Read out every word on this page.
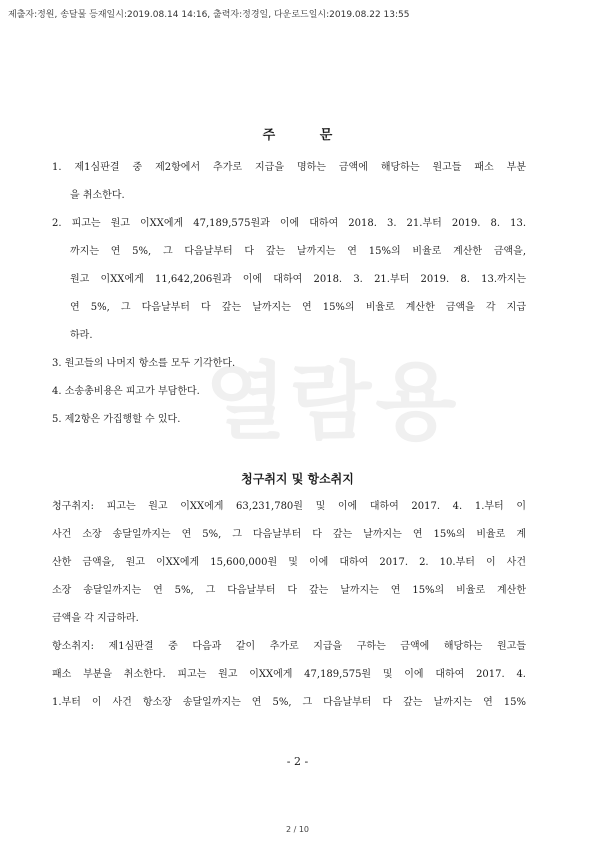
제출자:정원, 송달물 등재일시:2019.08.14 14:16, 출력자:정경일, 다운로드일시:2019.08.22 13:55
열람용
주 문
1. 제1심판결 중 제2항에서 추가로 지급을 명하는 금액에 해당하는 원고들 패소 부분
을 취소한다.
2. 피고는 원고 이XX에게 47,189,575원과 이에 대하여 2018. 3. 21.부터 2019. 8. 13.
까지는 연 5%, 그 다음날부터 다 갚는 날까지는 연 15%의 비율로 계산한 금액을,
원고 이XX에게 11,642,206원과 이에 대하여 2018. 3. 21.부터 2019. 8. 13.까지는
연 5%, 그 다음날부터 다 갚는 날까지는 연 15%의 비율로 계산한 금액을 각 지급
하라.
3. 원고들의 나머지 항소를 모두 기각한다.
4. 소송총비용은 피고가 부담한다.
5. 제2항은 가집행할 수 있다.
청구취지 및 항소취지
청구취지: 피고는 원고 이XX에게 63,231,780원 및 이에 대하여 2017. 4. 1.부터 이
사건 소장 송달일까지는 연 5%, 그 다음날부터 다 갚는 날까지는 연 15%의 비율로 계
산한 금액을, 원고 이XX에게 15,600,000원 및 이에 대하여 2017. 2. 10.부터 이 사건
소장 송달일까지는 연 5%, 그 다음날부터 다 갚는 날까지는 연 15%의 비율로 계산한
금액을 각 지급하라.
항소취지: 제1심판결 중 다음과 같이 추가로 지급을 구하는 금액에 해당하는 원고들
패소 부분을 취소한다. 피고는 원고 이XX에게 47,189,575원 및 이에 대하여 2017. 4.
1.부터 이 사건 항소장 송달일까지는 연 5%, 그 다음날부터 다 갚는 날까지는 연 15%
- 2 -
2 / 10
